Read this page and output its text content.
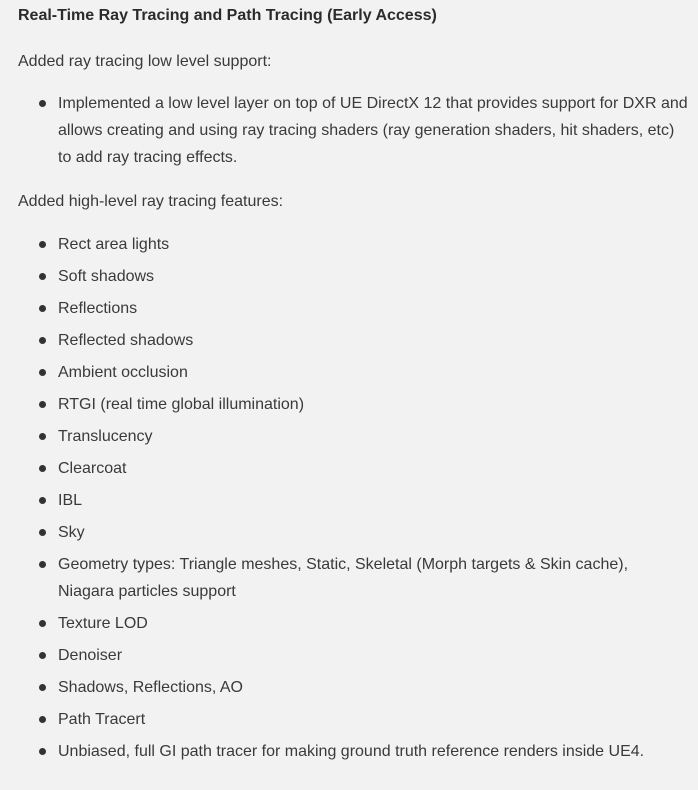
Real-Time Ray Tracing and Path Tracing (Early Access)

Added ray tracing low level support:

Implemented a low level layer on top of UE DirectX 12 that provides support for DXR and allows creating and using ray tracing shaders (ray generation shaders, hit shaders, etc) to add ray tracing effects.

Added high-level ray tracing features:

Rect area lights
Soft shadows
Reflections
Reflected shadows
Ambient occlusion
RTGI (real time global illumination)
Translucency
Clearcoat
IBL
Sky
Geometry types: Triangle meshes, Static, Skeletal (Morph targets & Skin cache), Niagara particles support
Texture LOD
Denoiser
Shadows, Reflections, AO
Path Tracert
Unbiased, full GI path tracer for making ground truth reference renders inside UE4.
